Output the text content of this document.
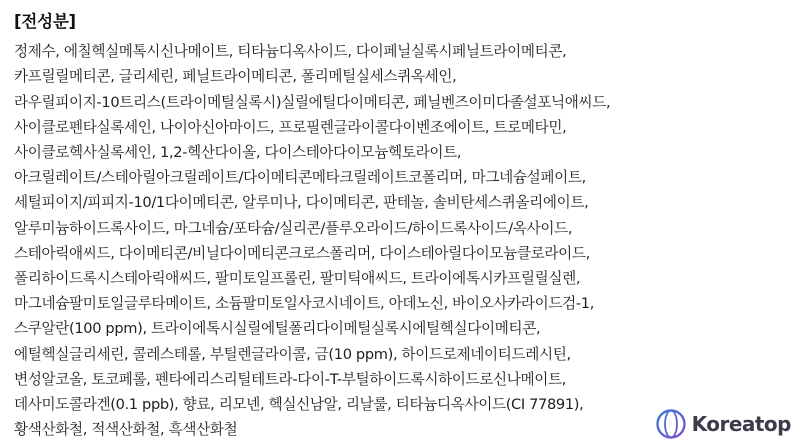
[전성분]
정제수, 에칠헥실메톡시신나메이트, 티타늄디옥사이드, 다이페닐실록시페닐트라이메티콘,
카프릴릴메티콘, 글리세린, 페닐트라이메티콘, 폴리메틸실세스퀴옥세인,
라우릴피이지-10트리스(트라이메틸실록시)실릴에틸다이메티콘, 페닐벤즈이미다졸설포닉애씨드,
사이클로펜타실록세인, 나이아신아마이드, 프로필렌글라이콜다이벤조에이트, 트로메타민,
사이클로헥사실록세인, 1,2-헥산다이올, 다이스테아다이모늄헥토라이트,
아크릴레이트/스테아릴아크릴레이트/다이메티콘메타크릴레이트코폴리머, 마그네슘설페이트,
세틸피이지/피피지-10/1다이메티콘, 알루미나, 다이메티콘, 판테놀, 솔비탄세스퀴올리에이트,
알루미늄하이드록사이드, 마그네슘/포타슘/실리콘/플루오라이드/하이드록사이드/옥사이드,
스테아릭애씨드, 다이메티콘/비닐다이메티콘크로스폴리머, 다이스테아릴다이모늄클로라이드,
폴리하이드록시스테아릭애씨드, 팔미토일프롤린, 팔미틱애씨드, 트라이에톡시카프릴릴실렌,
마그네슘팔미토일글루타메이트, 소듐팔미토일사코시네이트, 아데노신, 바이오사카라이드검-1,
스쿠알란(100 ppm), 트라이에톡시실릴에틸폴리다이메틸실록시에틸헥실다이메티콘,
에틸헥실글리세린, 콜레스테롤, 부틸렌글라이콜, 금(10 ppm), 하이드로제네이티드레시틴,
변성알코올, 토코페롤, 펜타에리스리틸테트라-다이-T-부틸하이드록시하이드로신나메이트,
데사미도콜라겐(0.1 ppb), 향료, 리모넨, 헥실신남알, 리날룰, 티타늄디옥사이드(CI 77891),
황색산화철, 적색산화철, 흑색산화철	Koreatop
